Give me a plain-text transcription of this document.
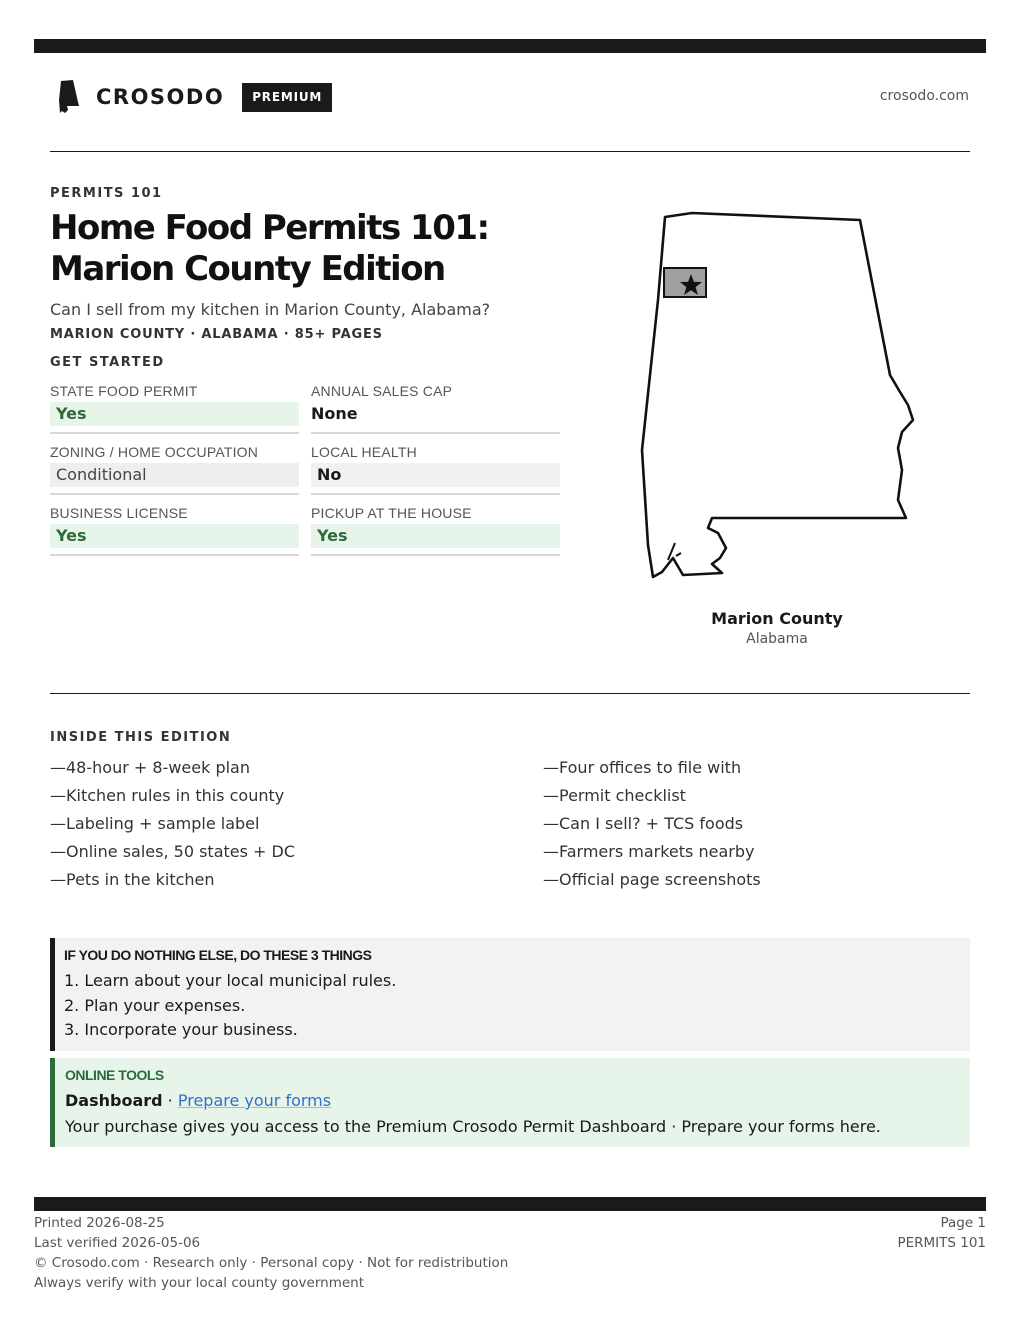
CROSODO	PREMIUM	crosodo.com
PERMITS 101
Home Food Permits 101: Marion County Edition
Can I sell from my kitchen in Marion County, Alabama?
MARION COUNTY · ALABAMA · 85+ PAGES
GET STARTED
STATE FOOD PERMIT
Yes
ANNUAL SALES CAP
None
ZONING / HOME OCCUPATION
Conditional
LOCAL HEALTH
No
BUSINESS LICENSE
Yes
PICKUP AT THE HOUSE
Yes
Marion County
Alabama
INSIDE THIS EDITION
—48-hour + 8-week plan
—Kitchen rules in this county
—Labeling + sample label
—Online sales, 50 states + DC
—Pets in the kitchen
—Four offices to file with
—Permit checklist
—Can I sell? + TCS foods
—Farmers markets nearby
—Official page screenshots
IF YOU DO NOTHING ELSE, DO THESE 3 THINGS
1. Learn about your local municipal rules.
2. Plan your expenses.
3. Incorporate your business.
ONLINE TOOLS
Dashboard · Prepare your forms
Your purchase gives you access to the Premium Crosodo Permit Dashboard · Prepare your forms here.
Printed 2026-08-25
Last verified 2026-05-06
© Crosodo.com · Research only · Personal copy · Not for redistribution
Always verify with your local county government
Page 1
PERMITS 101
